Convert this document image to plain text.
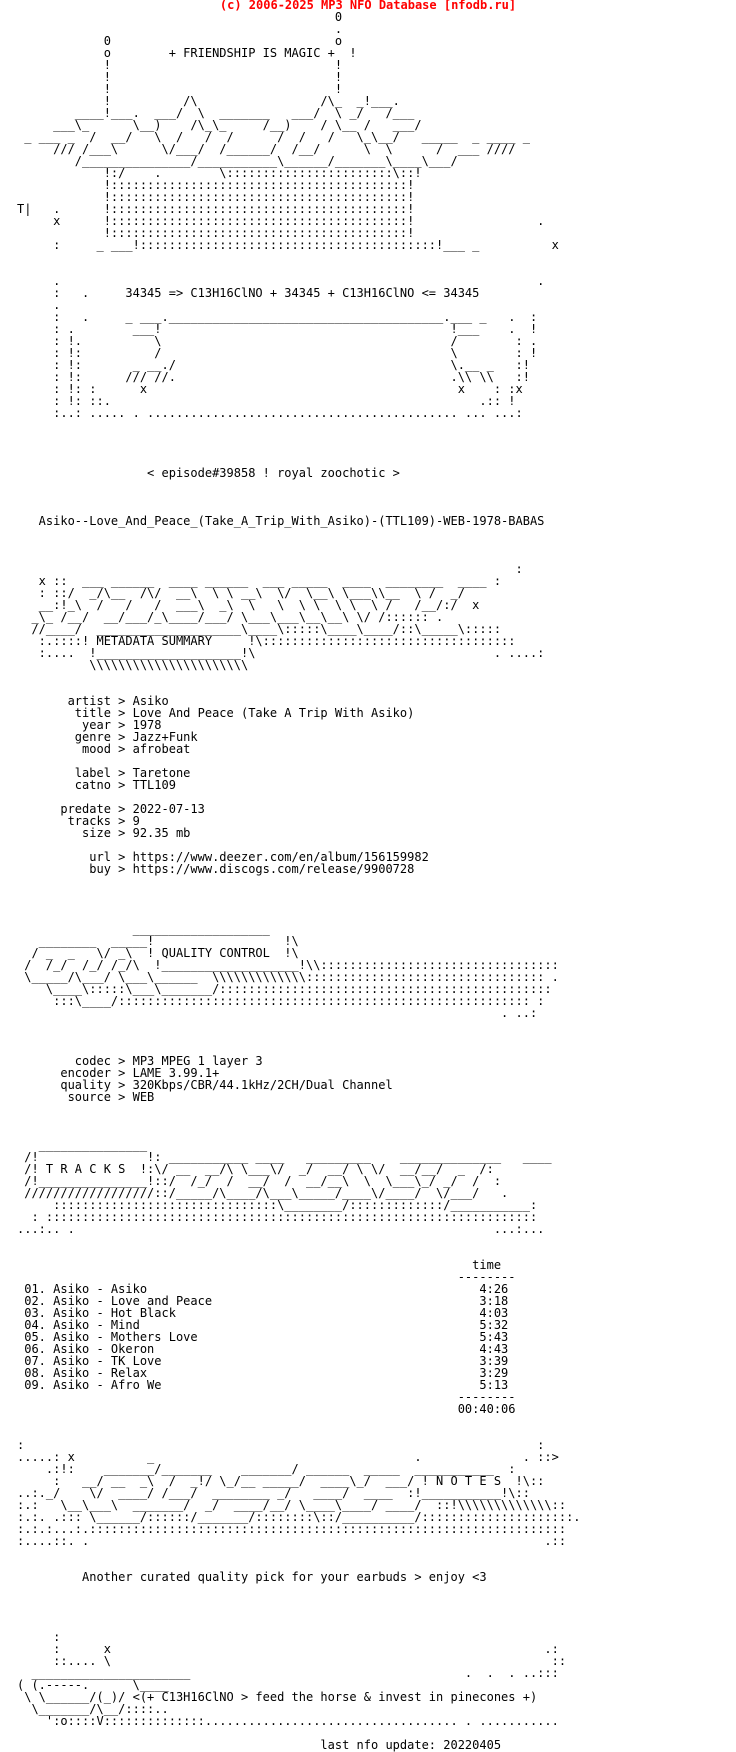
(c) 2006-2025 MP3 NFO Database [nfodb.ru]
0
.
0                               o
o        + FRIENDSHIP IS MAGIC +  !
!                               !
!                               !
!                               !
!          /\                 /\_  _!___.
____!___.  ___/  \  _______   ___/  \ _/   /___
___\_      \__)    /\_\_     /__)    / \__ /   ___/
_ ___ _  /  __/   \  /   /  /      /  /   /   \_\__/   _____  _ ____ _
/// /___\      \/___/  /______/  /__/      \  \      /  ___ ////
/_______________/___________\______/_______\____\___/
!:/    .        \:::::::::::::::::::::::\::!
!:::::::::::::::::::::::::::::::::::::::::!
!:::::::::::::::::::::::::::::::::::::::::!
T|   .      !:::::::::::::::::::::::::::::::::::::::::!
x      !:::::::::::::::::::::::::::::::::::::::::!                 .
!:::::::::::::::::::::::::::::::::::::::::!
:     _ ___!:::::::::::::::::::::::::::::::::::::::::!___ _          x

.                                                                  .
:   .     34345 => C13H16ClNO + 34345 + C13H16ClNO <= 34345
.
:   .     _ ___.______________________________________.___ _   .  :
: .        ___!                                        !___    .  !
: !.          \                                        /        : .
: !:          /                                        \        : !
: !:       _ __./                                      \.__ _   :!
: !:      /// //.                                      .\\ \\   :!
: !: :      x                                           x    : :x
: !: ::.                                                   .:: !
:..: ..... . ........................................... ... ...:

< episode#39858 ! royal zoochotic >

Asiko--Love_And_Peace_(Take_A_Trip_With_Asiko)-(TTL109)-WEB-1978-BABAS

:
x ::  ___ ______  ____ ______  ___ _____  ____  ________  ____ :
: ::/  _/\__  /\/  __\  \ \ __\  \/  \__\ \___\\__  \ /  _/
__:!_\  /   /   /  ___\  _\  \   \  \ \  \ \  \ /   /__/:/  x
_\_ /__/  __/___/_\____/___/ \___\___\__\__\ \/ /:::::: .
//____/  ____________________\____\:::::\____\____/::\_____\:::::
:.::::! METADATA SUMMARY     !\:::::::::::::::::::::::::::::::::::
:....  !____________________!\                                 . ....:
\\\\\\\\\\\\\\\\\\\\\\

artist > Asiko
title > Love And Peace (Take A Trip With Asiko)
year > 1978
genre > Jazz+Funk
mood > afrobeat

label > Taretone
catno > TTL109

predate > 2022-07-13
tracks > 9
size > 92.35 mb

url > https://www.deezer.com/en/album/156159982
buy > https://www.discogs.com/release/9900728

___________________
________  _____!                  !\
/ _  _   \/ _\  ! QUALITY CONTROL  !\
/  /_/  /_/ /_/\  !___________________!\\:::::::::::::::::::::::::::::::::
\_____/\___/ \___\______  \\\\\\\\\\\\\::::::::::::::::::::::::::::::::: .
\____\:::::\___\_______/::::::::::::::::::::::::::::::::::::::::::::::
:::\____/::::::::::::::::::::::::::::::::::::::::::::::::::::::::: :
. ..:

codec > MP3 MPEG 1 layer 3
encoder > LAME 3.99.1+
quality > 320Kbps/CBR/44.1kHz/2CH/Dual Channel
source > WEB

_______________
/!               !: ___________ ____   _________    ______________   ____
/! T R A C K S  !:\/ __  __/\ \___\/  _/  __/ \ \/  __/__/  _  /:
/!_______________!::/  /_/  /  __/  /  __/__\  \  \___\_/ _/  /  :
//////////////////::/_____/\____/\___\_____/____\/____/  \/___/   .
:::::::::::::::::::::::::::::::\________/:::::::::::::/___________:
: ::::::::::::::::::::::::::::::::::::::::::::::::::::::::::::::::::::
...:.. .                                                          ...:...

time
--------
01. Asiko - Asiko                                              4:26
02. Asiko - Love and Peace                                     3:18
03. Asiko - Hot Black                                          4:03
04. Asiko - Mind                                               5:32
05. Asiko - Mothers Love                                       5:43
06. Asiko - Okeron                                             4:43
07. Asiko - TK Love                                            3:39
08. Asiko - Relax                                              3:29
09. Asiko - Afro We                                            5:13
--------
00:40:06

:                                                                       :
.....: x          _                                    .              . ::>
.:!:    _______/_______    _______/ ______  _____  ___________  :
:   __/ __  _\  /  _!/ \_/__ _____/  ____\_/  ___/ ! N O T E S  !\::
..:._/    \/  ____/ /___/  ________ _/   ____/  ____  :!___________!\::
:.:   \__\___\  _______/  _/  ____/__/ \____\____/ ____/  ::!\\\\\\\\\\\\\::
:.:. .::: \______/::::::/_______/::::::::\::/__________/:::::::::::::::::::::.
:.:.:...:.::::::::::::::::::::::::::::::::::::::::::::::::::::::::::::::::::
:....::. .                                                               .::

Another curated quality pick for your earbuds > enjoy <3

:
:      x                                                            .:
::.... \                                                             ::
______________________                                      .  .  . ..:::
( (.-----.      \____
\ \______/(_)/ <(+ C13H16ClNO > feed the horse & invest in pinecones +)
\_______/\__/::::..
':o::::V::::::::::::::................................... . ...........

last nfo update: 20220405
